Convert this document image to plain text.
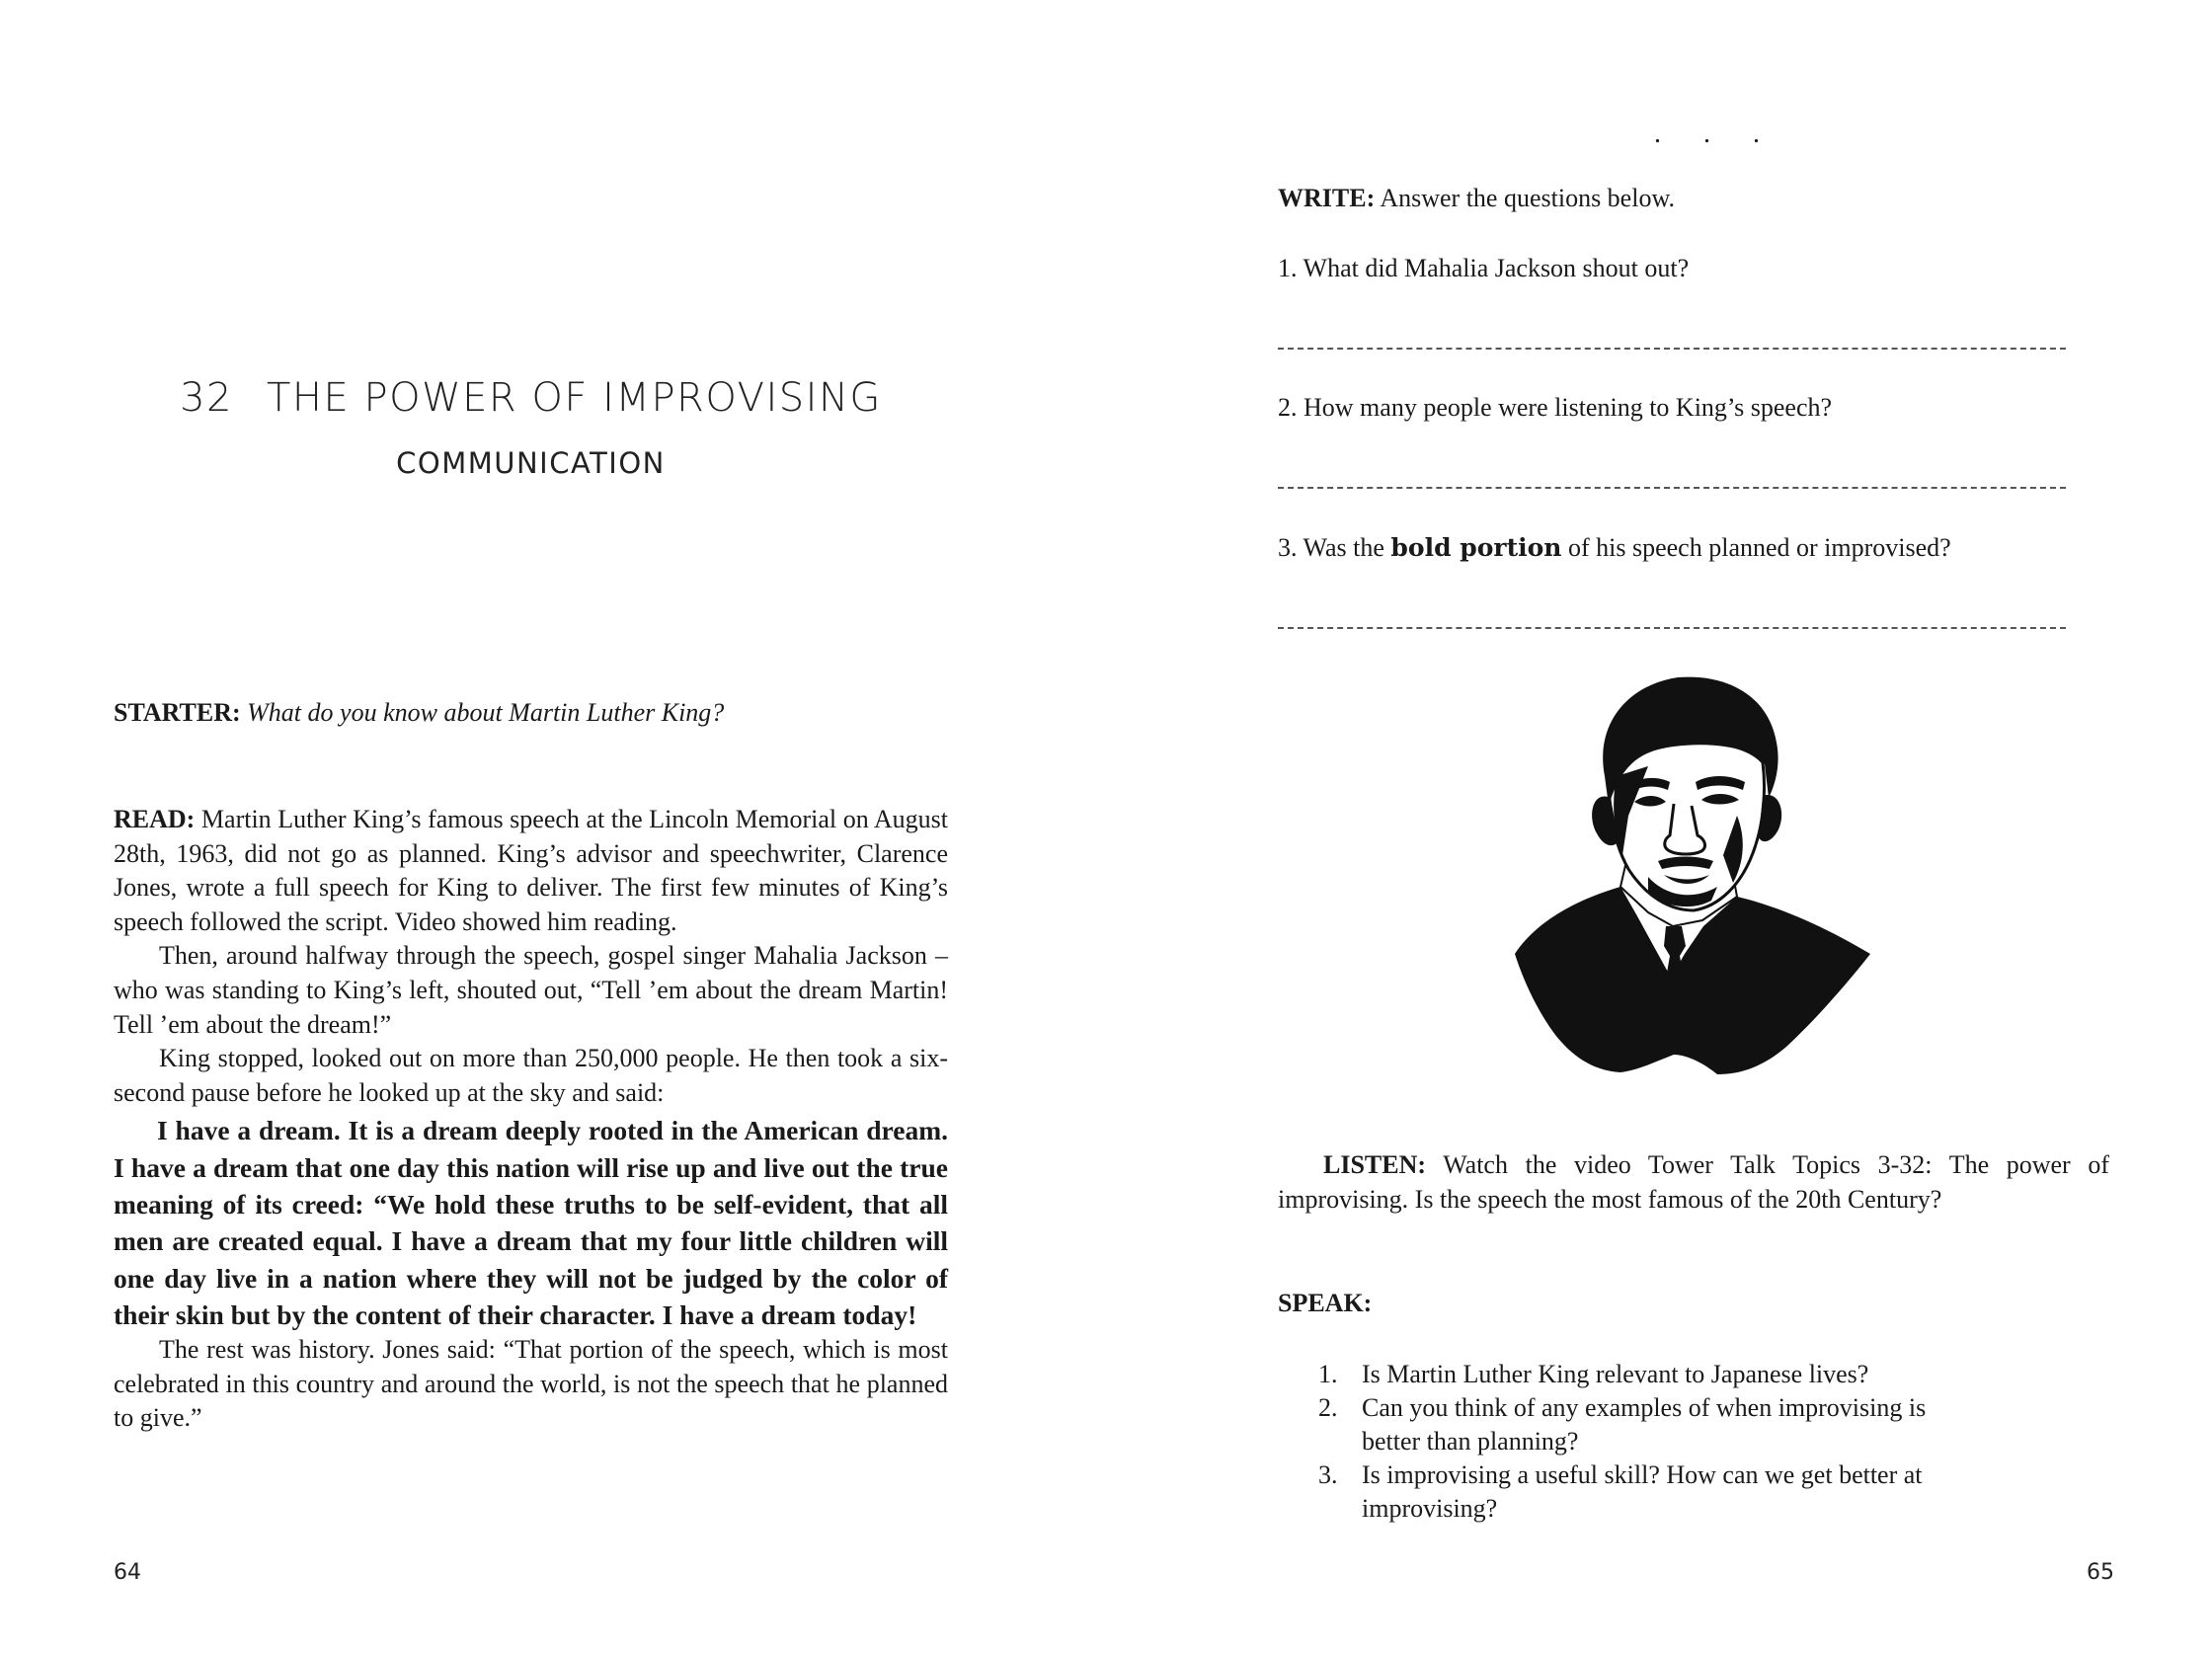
32 THE POWER OF IMPROVISING
COMMUNICATION
STARTER: What do you know about Martin Luther King?

READ: Martin Luther King’s famous speech at the Lincoln Memorial on August 28th, 1963, did not go as planned. King’s advisor and speechwriter, Clarence Jones, wrote a full speech for King to deliver. The first few minutes of King’s speech followed the script. Video showed him reading.

Then, around halfway through the speech, gospel singer Mahalia Jackson – who was standing to King’s left, shouted out, “Tell ’em about the dream Martin! Tell ’em about the dream!”

King stopped, looked out on more than 250,000 people. He then took a six-second pause before he looked up at the sky and said:

I have a dream. It is a dream deeply rooted in the American dream. I have a dream that one day this nation will rise up and live out the true meaning of its creed: “We hold these truths to be self-evident, that all men are created equal. I have a dream that my four little children will one day live in a nation where they will not be judged by the color of their skin but by the content of their character. I have a dream today!

The rest was history. Jones said: “That portion of the speech, which is most celebrated in this country and around the world, is not the speech that he planned to give.”

64
. . .
WRITE: Answer the questions below.
1. What did Mahalia Jackson shout out?
2. How many people were listening to King’s speech?
3. Was the bold portion of his speech planned or improvised?
LISTEN: Watch the video Tower Talk Topics 3-32: The power of improvising. Is the speech the most famous of the 20th Century?
SPEAK:
1. Is Martin Luther King relevant to Japanese lives?
2. Can you think of any examples of when improvising is better than planning?
3. Is improvising a useful skill? How can we get better at improvising?
65
